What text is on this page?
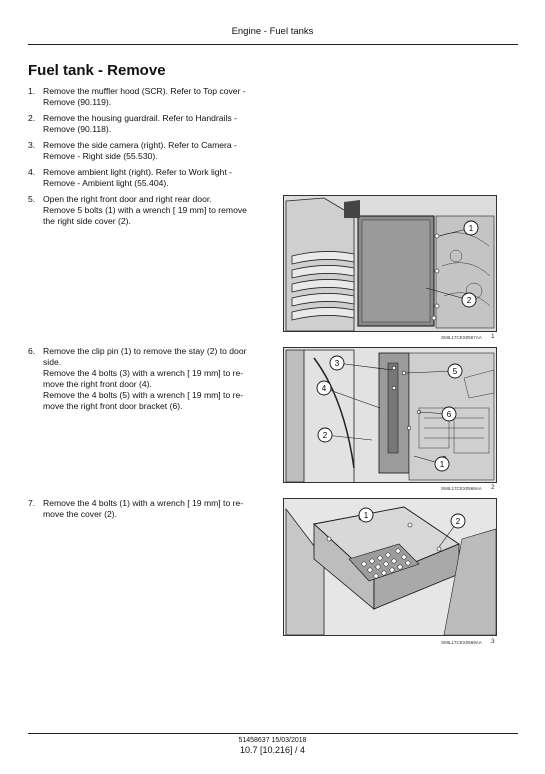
Engine - Fuel tanks
Fuel tank - Remove
1. Remove the muffler hood (SCR). Refer to Top cover -
Remove (90.119).
2. Remove the housing guardrail. Refer to Handrails -
Remove (90.118).
3. Remove the side camera (right). Refer to Camera -
Remove - Right side (55.530).
4. Remove ambient light (right). Refer to Work light -
Remove - Ambient light (55.404).
5. Open the right front door and right rear door.
Remove 5 bolts (1) with a wrench [ 19 mm] to remove
the right side cover (2).
6. Remove the clip pin (1) to remove the stay (2) to door
side.
Remove the 4 bolts (3) with a wrench [ 19 mm] to re-
move the right front door (4).
Remove the 4 bolts (5) with a wrench [ 19 mm] to re-
move the right front door bracket (6).
7. Remove the 4 bolts (1) with a wrench [ 19 mm] to re-
move the cover (2).
1
2
SMIL17CEX0567AA 1
3
5
4
6
2
1
SMIL17CEX0568AA 2
1
2
SMIL17CEX0569AA 3
51458637 15/03/2018
10.7 [10.216] / 4
